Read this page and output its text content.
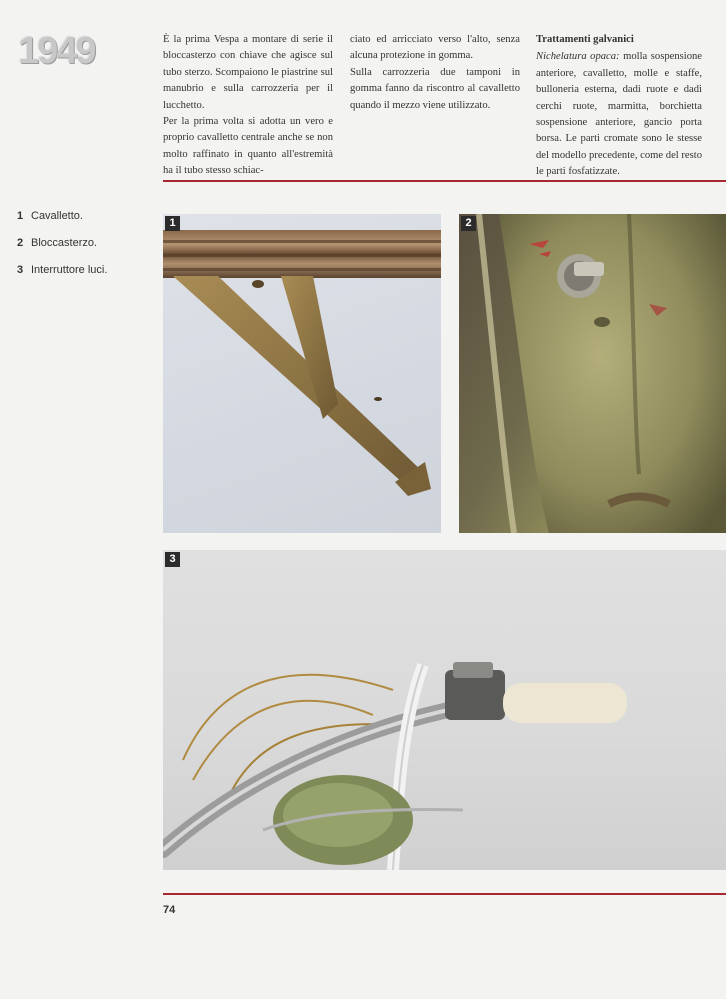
1949	È la prima Vespa a montare di serie il bloccasterzo con chiave che agisce sul tubo sterzo. Scompaiono le piastrine sul manubrio e sulla carrozzeria per il lucchetto.

Per la prima volta si adotta un vero e proprio cavalletto centrale anche se non molto raffinato in quanto all'estremità ha il tubo stesso schiac-

ciato ed arricciato verso l'alto, senza alcuna protezione in gomma.

Sulla carrozzeria due tamponi in gomma fanno da riscontro al cavalletto quando il mezzo viene utilizzato.

Trattamenti galvanici

Nichelatura opaca: molla sospensione anteriore, cavalletto, molle e staffe, bulloneria esterna, dadi ruote e dadi cerchi ruote, marmitta, borchietta sospensione anteriore, gancio porta borsa. Le parti cromate sono le stesse del modello precedente, come del resto le parti fosfatizzate.

1 Cavalletto.
2 Bloccasterzo.
3 Interruttore luci.
1	2
3
74
